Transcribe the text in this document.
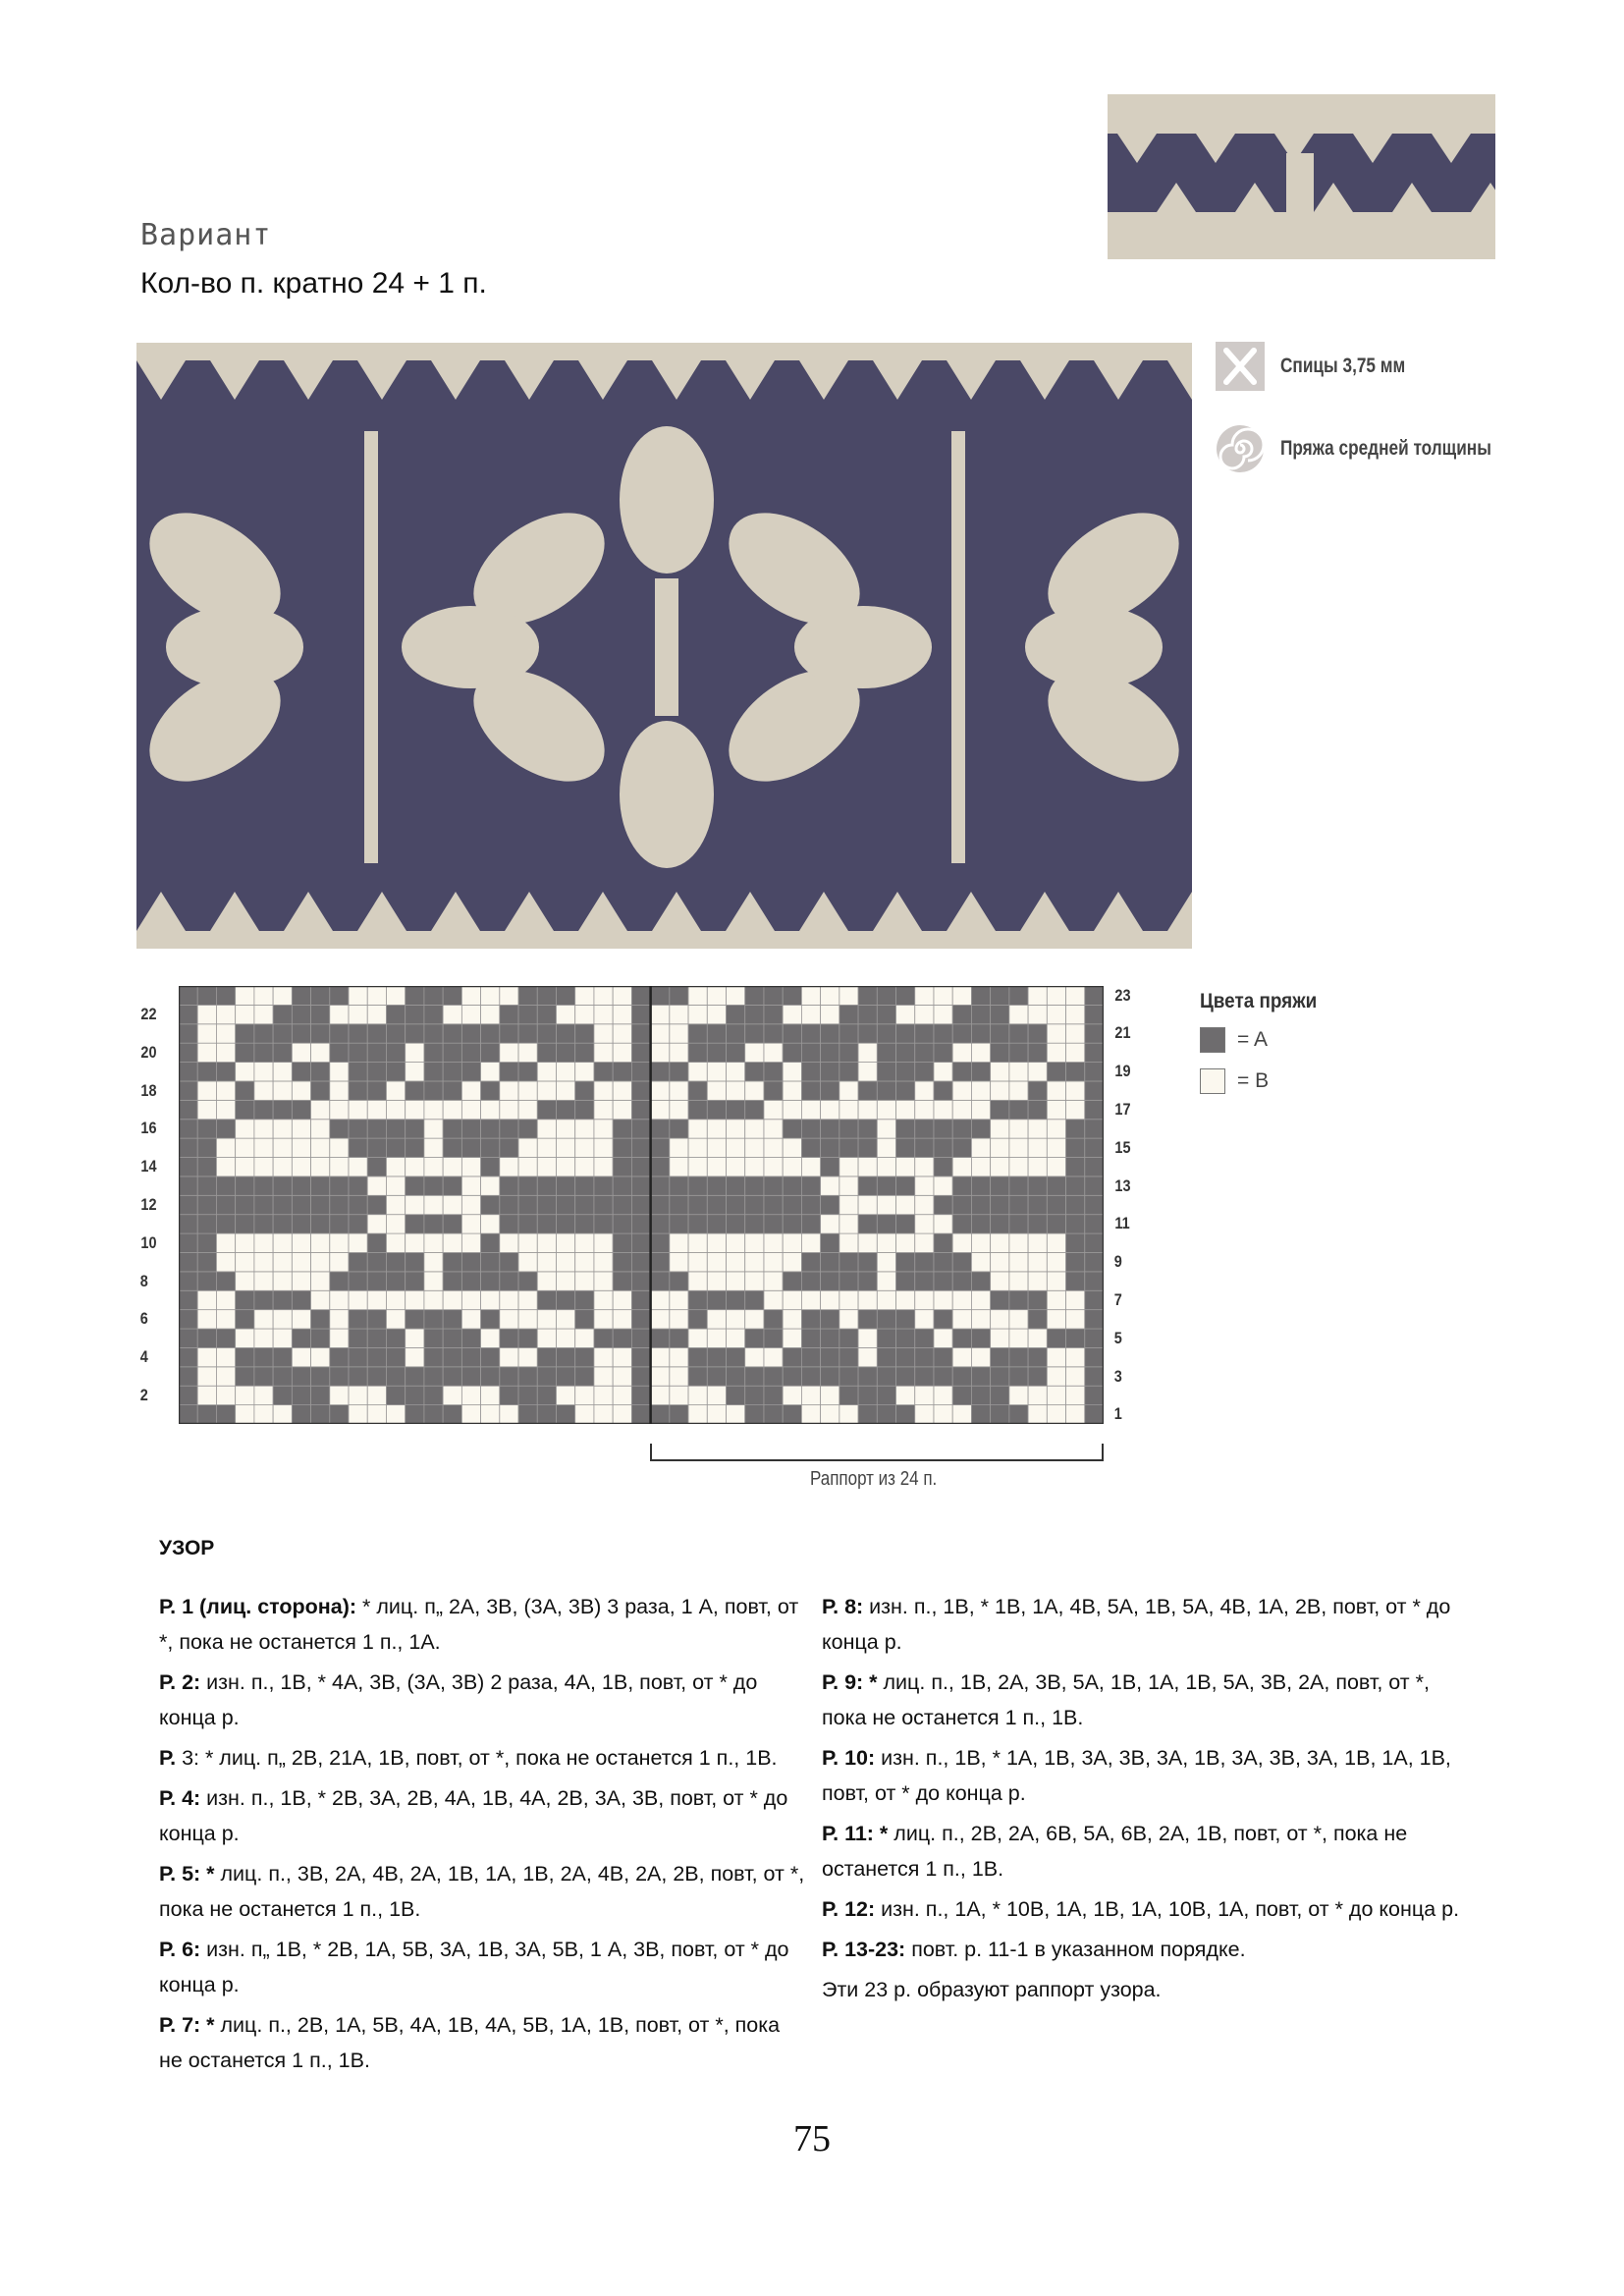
Вариант
Кол-во п. кратно 24 + 1 п.
Спицы 3,75 мм
Пряжа средней толщины
22
20
18
16
14
12
10
8
6
4
2
23
21
19
17
15
13
11
9
7
5
3
1
Раппорт из 24 п.
Цвета пряжи
= A
= B
УЗОР

Р. 1 (лиц. сторона): * лиц. п„ 2А, 3В, (3А, 3В) 3 раза, 1 А, повт, от *, пока не останется 1 п., 1А.

Р. 2: изн. п., 1В, * 4А, 3В, (3А, 3В) 2 раза, 4А, 1В, повт, от * до конца р.

Р. 3: * лиц. п„ 2В, 21А, 1В, повт, от *, пока не останется 1 п., 1В.

Р. 4: изн. п., 1В, * 2В, 3А, 2В, 4А, 1В, 4А, 2В, 3А, 3В, повт, от * до конца р.

Р. 5: * лиц. п., 3В, 2А, 4В, 2А, 1В, 1А, 1В, 2А, 4В, 2А, 2В, повт, от *, пока не останется 1 п., 1В.

Р. 6: изн. п„ 1В, * 2В, 1А, 5В, 3А, 1В, 3А, 5В, 1 А, 3В, повт, от * до конца р.

Р. 7: * лиц. п., 2В, 1А, 5В, 4А, 1В, 4А, 5В, 1А, 1В, повт, от *, пока не останется 1 п., 1В.

Р. 8: изн. п., 1В, * 1В, 1А, 4В, 5А, 1В, 5А, 4В, 1А, 2В, повт, от * до конца р.

Р. 9: * лиц. п., 1В, 2А, 3В, 5А, 1В, 1А, 1В, 5А, 3В, 2А, повт, от *, пока не останется 1 п., 1В.

Р. 10: изн. п., 1В, * 1А, 1В, 3А, 3В, 3А, 1В, 3А, 3В, 3А, 1В, 1А, 1В, повт, от * до конца р.

Р. 11: * лиц. п., 2В, 2А, 6В, 5А, 6В, 2А, 1В, повт, от *, пока не останется 1 п., 1В.

Р. 12: изн. п., 1А, * 10В, 1А, 1В, 1А, 10В, 1А, повт, от * до конца р.

Р. 13-23: повт. р. 11-1 в указанном порядке.

Эти 23 р. образуют раппорт узора.

75
